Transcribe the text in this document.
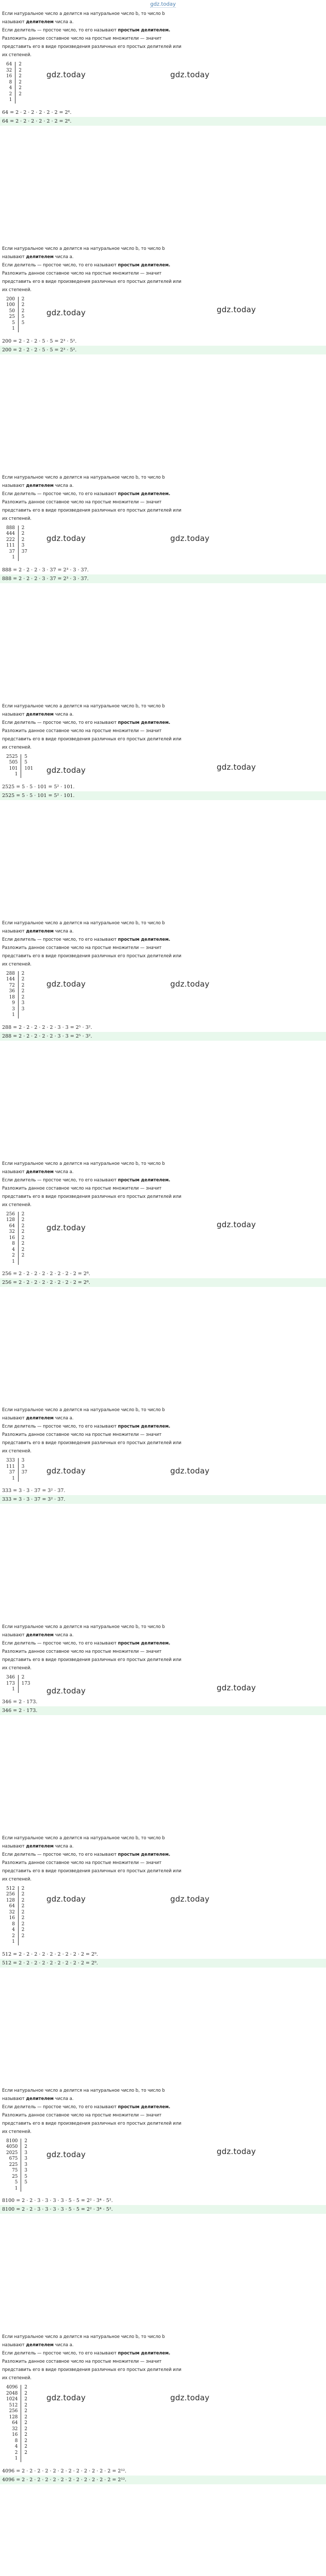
gdz.today

Если натуральное число a делится на натуральное число b, то число b

называют делителем числа a.

Если делитель — простое число, то его называют простым делителем.

Разложить данное составное число на простые множители — значит

представить его в виде произведения различных его простых делителей или

их степеней.

64	2
32	2
16	2
8	2
4	2
2	2
1	
64 = 2 · 2 · 2 · 2 · 2 · 2 = 2⁶.
64 = 2 · 2 · 2 · 2 · 2 · 2 = 2⁶.
gdz.today	gdz.today

Если натуральное число a делится на натуральное число b, то число b

называют делителем числа a.

Если делитель — простое число, то его называют простым делителем.

Разложить данное составное число на простые множители — значит

представить его в виде произведения различных его простых делителей или

их степеней.

200	2
100	2
50	2
25	5
5	5
1	
200 = 2 · 2 · 2 · 5 · 5 = 2³ · 5².
200 = 2 · 2 · 2 · 5 · 5 = 2³ · 5².
gdz.today	gdz.today

Если натуральное число a делится на натуральное число b, то число b

называют делителем числа a.

Если делитель — простое число, то его называют простым делителем.

Разложить данное составное число на простые множители — значит

представить его в виде произведения различных его простых делителей или

их степеней.

888	2
444	2
222	2
111	3
37	37
1	
888 = 2 · 2 · 2 · 3 · 37 = 2³ · 3 · 37.
888 = 2 · 2 · 2 · 3 · 37 = 2³ · 3 · 37.
gdz.today	gdz.today

Если натуральное число a делится на натуральное число b, то число b

называют делителем числа a.

Если делитель — простое число, то его называют простым делителем.

Разложить данное составное число на простые множители — значит

представить его в виде произведения различных его простых делителей или

их степеней.

2525	5
505	5
101	101
1	
2525 = 5 · 5 · 101 = 5² · 101.
2525 = 5 · 5 · 101 = 5² · 101.
gdz.today	gdz.today

Если натуральное число a делится на натуральное число b, то число b

называют делителем числа a.

Если делитель — простое число, то его называют простым делителем.

Разложить данное составное число на простые множители — значит

представить его в виде произведения различных его простых делителей или

их степеней.

288	2
144	2
72	2
36	2
18	2
9	3
3	3
1	
288 = 2 · 2 · 2 · 2 · 2 · 3 · 3 = 2⁵ · 3².
288 = 2 · 2 · 2 · 2 · 2 · 3 · 3 = 2⁵ · 3².
gdz.today	gdz.today

Если натуральное число a делится на натуральное число b, то число b

называют делителем числа a.

Если делитель — простое число, то его называют простым делителем.

Разложить данное составное число на простые множители — значит

представить его в виде произведения различных его простых делителей или

их степеней.

256	2
128	2
64	2
32	2
16	2
8	2
4	2
2	2
1	
256 = 2 · 2 · 2 · 2 · 2 · 2 · 2 · 2 = 2⁸.
256 = 2 · 2 · 2 · 2 · 2 · 2 · 2 · 2 = 2⁸.
gdz.today	gdz.today

Если натуральное число a делится на натуральное число b, то число b

называют делителем числа a.

Если делитель — простое число, то его называют простым делителем.

Разложить данное составное число на простые множители — значит

представить его в виде произведения различных его простых делителей или

их степеней.

333	3
111	3
37	37
1	
333 = 3 · 3 · 37 = 3² · 37.
333 = 3 · 3 · 37 = 3² · 37.
gdz.today	gdz.today

Если натуральное число a делится на натуральное число b, то число b

называют делителем числа a.

Если делитель — простое число, то его называют простым делителем.

Разложить данное составное число на простые множители — значит

представить его в виде произведения различных его простых делителей или

их степеней.

346	2
173	173
1	
346 = 2 · 173.
346 = 2 · 173.
gdz.today	gdz.today

Если натуральное число a делится на натуральное число b, то число b

называют делителем числа a.

Если делитель — простое число, то его называют простым делителем.

Разложить данное составное число на простые множители — значит

представить его в виде произведения различных его простых делителей или

их степеней.

512	2
256	2
128	2
64	2
32	2
16	2
8	2
4	2
2	2
1	
512 = 2 · 2 · 2 · 2 · 2 · 2 · 2 · 2 · 2 = 2⁹.
512 = 2 · 2 · 2 · 2 · 2 · 2 · 2 · 2 · 2 = 2⁹.
gdz.today	gdz.today

Если натуральное число a делится на натуральное число b, то число b

называют делителем числа a.

Если делитель — простое число, то его называют простым делителем.

Разложить данное составное число на простые множители — значит

представить его в виде произведения различных его простых делителей или

их степеней.

8100	2
4050	2
2025	3
675	3
225	3
75	3
25	5
5	5
1	
8100 = 2 · 2 · 3 · 3 · 3 · 3 · 5 · 5 = 2² · 3⁴ · 5².
8100 = 2 · 2 · 3 · 3 · 3 · 3 · 5 · 5 = 2² · 3⁴ · 5².
gdz.today	gdz.today

Если натуральное число a делится на натуральное число b, то число b

называют делителем числа a.

Если делитель — простое число, то его называют простым делителем.

Разложить данное составное число на простые множители — значит

представить его в виде произведения различных его простых делителей или

их степеней.

4096	2
2048	2
1024	2
512	2
256	2
128	2
64	2
32	2
16	2
8	2
4	2
2	2
1	
4096 = 2 · 2 · 2 · 2 · 2 · 2 · 2 · 2 · 2 · 2 · 2 · 2 = 2¹².
4096 = 2 · 2 · 2 · 2 · 2 · 2 · 2 · 2 · 2 · 2 · 2 · 2 = 2¹².
gdz.today	gdz.today
